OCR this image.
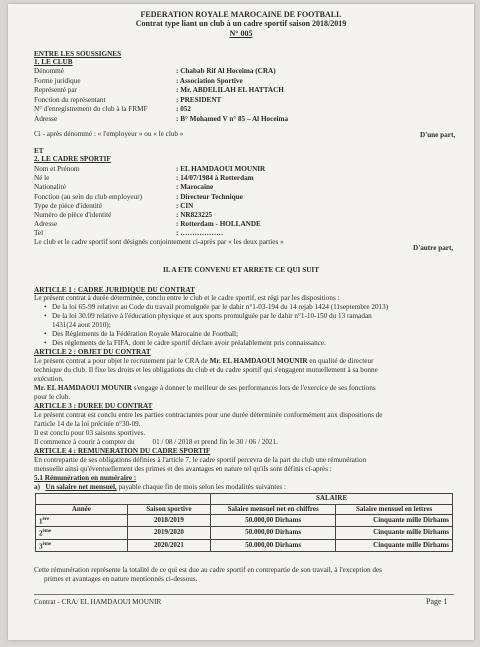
FEDERATION ROYALE MAROCAINE DE FOOTBALL
Contrat type liant un club à un cadre sportif saison 2018/2019
N° 005
ENTRE LES SOUSSIGNES
1. LE CLUB
Dénommé	: Chabab Rif Al Hoceima (CRA)
Forme juridique	: Association Sportive
Représenté par	: Mr. ABDELILAH EL HATTACH
Fonction du représentant	: PRESIDENT
N° d'enregistrement du club à la FRMF	: 052
Adresse	: B° Mohamed V n° 85 – Al Hoceima
Ci - après dénommé : « l'employeur » ou « le club »	D'une part,
ET
2. LE CADRE SPORTIF
Nom et Prénom	: EL HAMDAOUI MOUNIR
Né le	: 14/07/1984 à Rotterdam
Nationalité	: Marocaine
Fonction (au sein du club employeur)	: Directeur Technique
Type de pièce d'identité	: CIN
Numéro de pièce d'identité	: NR823225
Adresse	: Rotterdam - HOLLANDE
Tel	: ………………
Le club et le cadre sportif sont désignés conjointement ci-après par « les deux parties »
D'autre part,
IL A ETE CONVENU ET ARRETE CE QUI SUIT
ARTICLE 1 : CADRE JURIDIQUE DU CONTRAT
Le présent contrat à durée déterminée, conclu entre le club et le cadre sportif, est régi par les dispositions :
• De la loi 65-99 relative au Code du travail promulguée par le dahir n°1-03-194 du 14 rejab 1424 (11septembre 2013)
• De la loi 30.09 relative à l'éducation physique et aux sports promulguée par le dahir n°1-10-150 du 13 ramadan
1431(24 aout 2010);
• Des Règlements de la Fédération Royale Marocaine de Football;
• Des règlements de la FIFA, dont le cadre sportif déclare avoir préalablement pris connaissance.
ARTICLE 2 : OBJET DU CONTRAT
Le présent contrat a pour objet le recrutement par le CRA de Mr. EL HAMDAOUI MOUNIR en qualité de directeur
technique du club. Il fixe les droits et les obligations du club et du cadre sportif qui s'engagent mutuellement à sa bonne
exécution.
Mr. EL HAMDAOUI MOUNIR s'engage à donner le meilleur de ses performances lors de l'exercice de ses fonctions
pour le club.
ARTICLE 3 : DUREE DU CONTRAT
Le présent contrat est conclu entre les parties contractantes pour une durée déterminée conformément aux dispositions de
l'article 14 de la loi précitée n°30-09.
Il est conclu pour 03 saisons sportives.
Il commence à courir à compter du          01 / 08 / 2018 et prend fin le 30 / 06 / 2021.
ARTICLE 4 : REMUNERATION DU CADRE SPORTIF
En contrepartie de ses obligations définies à l'article 7, le cadre sportif percevra de la part du club une rémunération
mensuelle ainsi qu'éventuellement des primes et des avantages en nature tel qu'ils sont définis ci-après :
5.1 Rémunération en numéraire :
a) Un salaire net mensuel, payable chaque fin de mois selon les modalités suivantes :
		SALAIRE	
Année	Saison sportive	Salaire mensuel net en chiffres	Salaire mensuel en lettres
1ère	2018/2019	50.000,00 Dirhams	Cinquante mille Dirhams
2ème	2019/2020	50.000,00 Dirhams	Cinquante mille Dirhams
3ème	2020/2021	50.000,00 Dirhams	Cinquante mille Dirhams
Cette rémunération représente la totalité de ce qui est due au cadre sportif en contrepartie de son travail, à l'exception des
primes et avantages en nature mentionnés ci-dessous.
Contrat - CRA/ EL HAMDAOUI MOUNIR	Page 1
